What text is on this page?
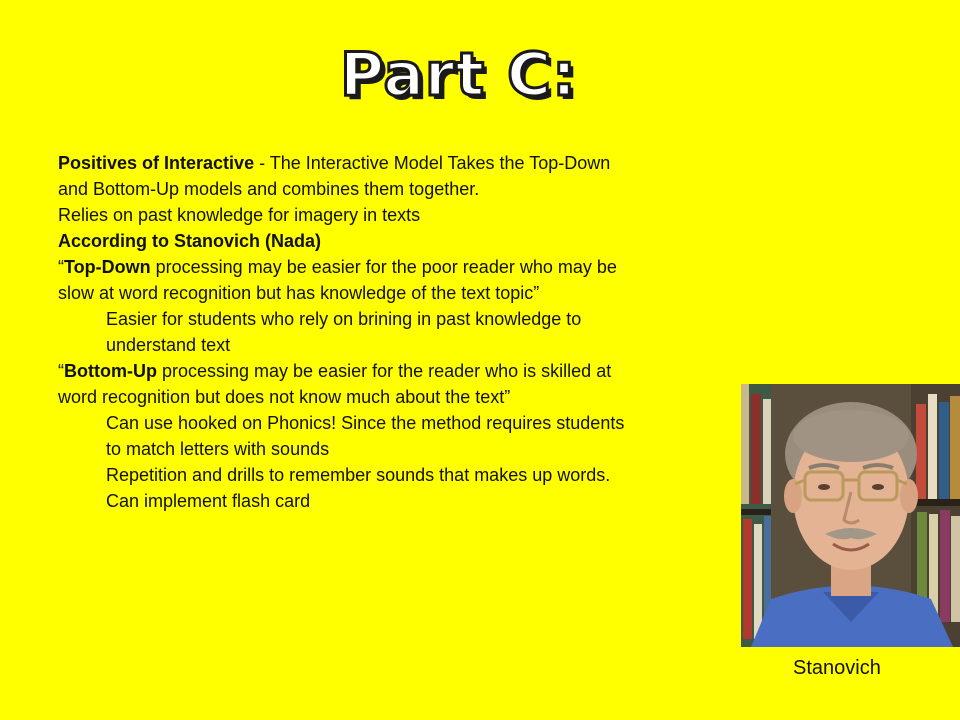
Part C:
Positives of Interactive - The Interactive Model Takes the Top-Down
and Bottom-Up models and combines them together.
Relies on past knowledge for imagery in texts
According to Stanovich (Nada)
“Top-Down processing may be easier for the poor reader who may be
slow at word recognition but has knowledge of the text topic”
Easier for students who rely on brining in past knowledge to
understand text
“Bottom-Up processing may be easier for the reader who is skilled at
word recognition but does not know much about the text”
Can use hooked on Phonics! Since the method requires students
to match letters with sounds
Repetition and drills to remember sounds that makes up words.
Can implement flash card
Stanovich
